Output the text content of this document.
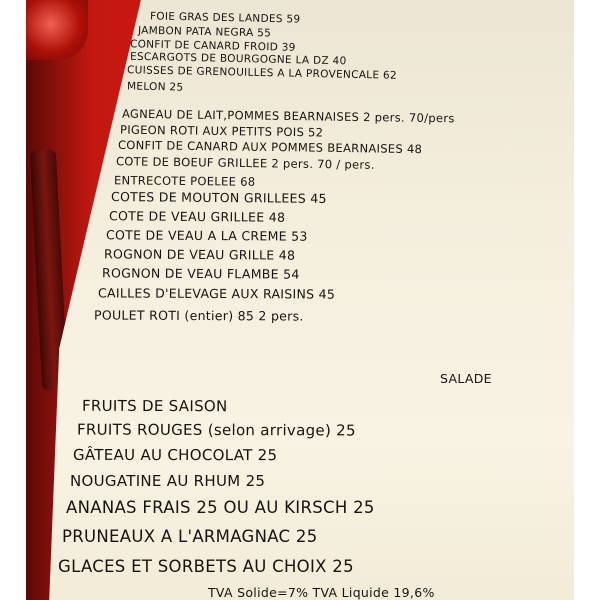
FOIE GRAS DES LANDES 59
JAMBON PATA NEGRA 55
CONFIT DE CANARD FROID 39
ESCARGOTS DE BOURGOGNE LA DZ 40
CUISSES DE GRENOUILLES A LA PROVENCALE 62
MELON 25
AGNEAU DE LAIT,POMMES BEARNAISES 2 pers. 70/pers
PIGEON ROTI AUX PETITS POIS 52
CONFIT DE CANARD AUX POMMES BEARNAISES 48
COTE DE BOEUF GRILLEE 2 pers. 70 / pers.
ENTRECOTE POELEE 68
COTES DE MOUTON GRILLEES 45
COTE DE VEAU GRILLEE 48
COTE DE VEAU A LA CREME 53
ROGNON DE VEAU GRILLE 48
ROGNON DE VEAU FLAMBE 54
CAILLES D'ELEVAGE AUX RAISINS 45
POULET ROTI (entier) 85 2 pers.
SALADE
FRUITS DE SAISON
FRUITS ROUGES (selon arrivage) 25
GÂTEAU AU CHOCOLAT 25
NOUGATINE AU RHUM 25
ANANAS FRAIS 25 OU AU KIRSCH 25
PRUNEAUX A L'ARMAGNAC 25
GLACES ET SORBETS AU CHOIX 25
TVA Solide=7% TVA Liquide 19,6%
